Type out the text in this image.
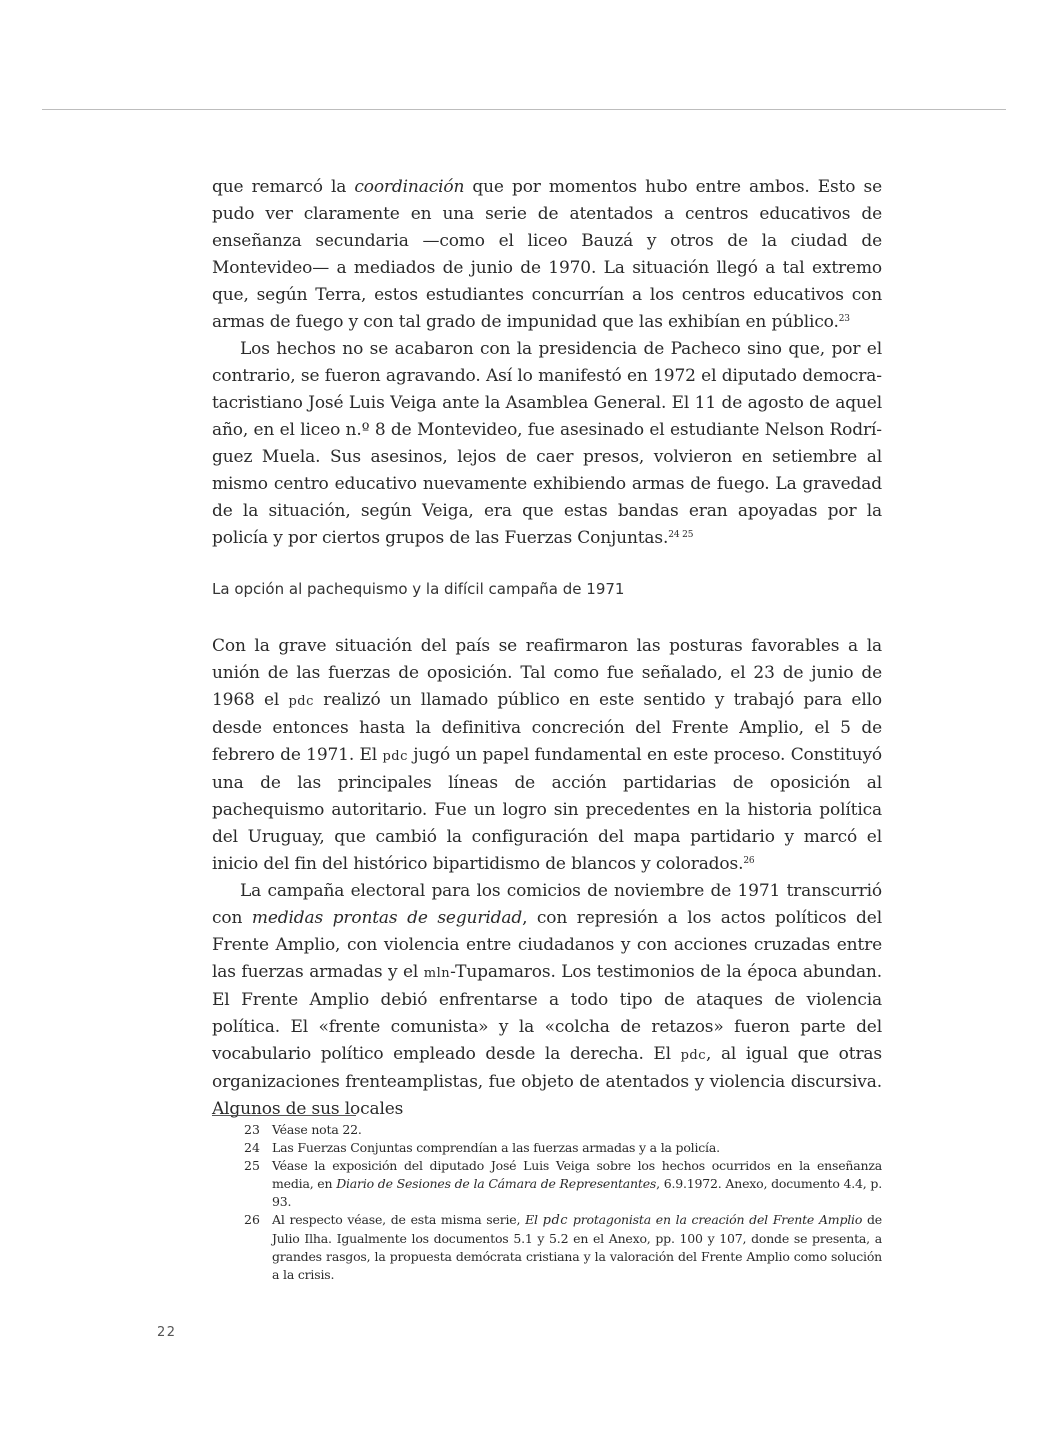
que remarcó la coordinación que por momentos hubo entre ambos. Esto se pudo ver claramente en una serie de atentados a centros educativos de enseñanza secundaria —como el liceo Bauzá y otros de la ciudad de Montevideo— a mediados de junio de 1970. La situación llegó a tal extremo que, según Terra, estos estudiantes concurrían a los centros educativos con armas de fuego y con tal grado de impunidad que las exhibían en público.$^{23}$

Los hechos no se acabaron con la presidencia de Pacheco sino que, por el contrario, se fueron agravando. Así lo manifestó en 1972 el diputado democratacristiano José Luis Veiga ante la Asamblea General. El 11 de agosto de aquel año, en el liceo n.º 8 de Montevideo, fue asesinado el estudiante Nelson Rodríguez Muela. Sus asesinos, lejos de caer presos, volvieron en setiembre al mismo centro educativo nuevamente exhibiendo armas de fuego. La gravedad de la situación, según Veiga, era que estas bandas eran apoyadas por la policía y por ciertos grupos de las Fuerzas Conjuntas.$^{24 25}$

La opción al pachequismo y la difícil campaña de 1971

Con la grave situación del país se reafirmaron las posturas favorables a la unión de las fuerzas de oposición. Tal como fue señalado, el 23 de junio de 1968 el pdc realizó un llamado público en este sentido y trabajó para ello desde entonces hasta la definitiva concreción del Frente Amplio, el 5 de febrero de 1971. El pdc jugó un papel fundamental en este proceso. Constituyó una de las principales líneas de acción partidarias de oposición al pachequismo autoritario. Fue un logro sin precedentes en la historia política del Uruguay, que cambió la configuración del mapa partidario y marcó el inicio del fin del histórico bipartidismo de blancos y colorados.$^{26}$

La campaña electoral para los comicios de noviembre de 1971 transcurrió con medidas prontas de seguridad, con represión a los actos políticos del Frente Amplio, con violencia entre ciudadanos y con acciones cruzadas entre las fuerzas armadas y el mln-Tupamaros. Los testimonios de la época abundan. El Frente Amplio debió enfrentarse a todo tipo de ataques de violencia política. El «frente comunista» y la «colcha de retazos» fueron parte del vocabulario político empleado desde la derecha. El pdc, al igual que otras organizaciones frenteamplistas, fue objeto de atentados y violencia discursiva. Algunos de sus locales

23 Véase nota 22.
24 Las Fuerzas Conjuntas comprendían a las fuerzas armadas y a la policía.
25 Véase la exposición del diputado José Luis Veiga sobre los hechos ocurridos en la enseñanza media, en Diario de Sesiones de la Cámara de Representantes, 6.9.1972. Anexo, documento 4.4, p. 93.
26 Al respecto véase, de esta misma serie, El pdc protagonista en la creación del Frente Amplio de Julio Ilha. Igualmente los documentos 5.1 y 5.2 en el Anexo, pp. 100 y 107, donde se presenta, a grandes rasgos, la propuesta demócrata cristiana y la valoración del Frente Amplio como solución a la crisis.
22
